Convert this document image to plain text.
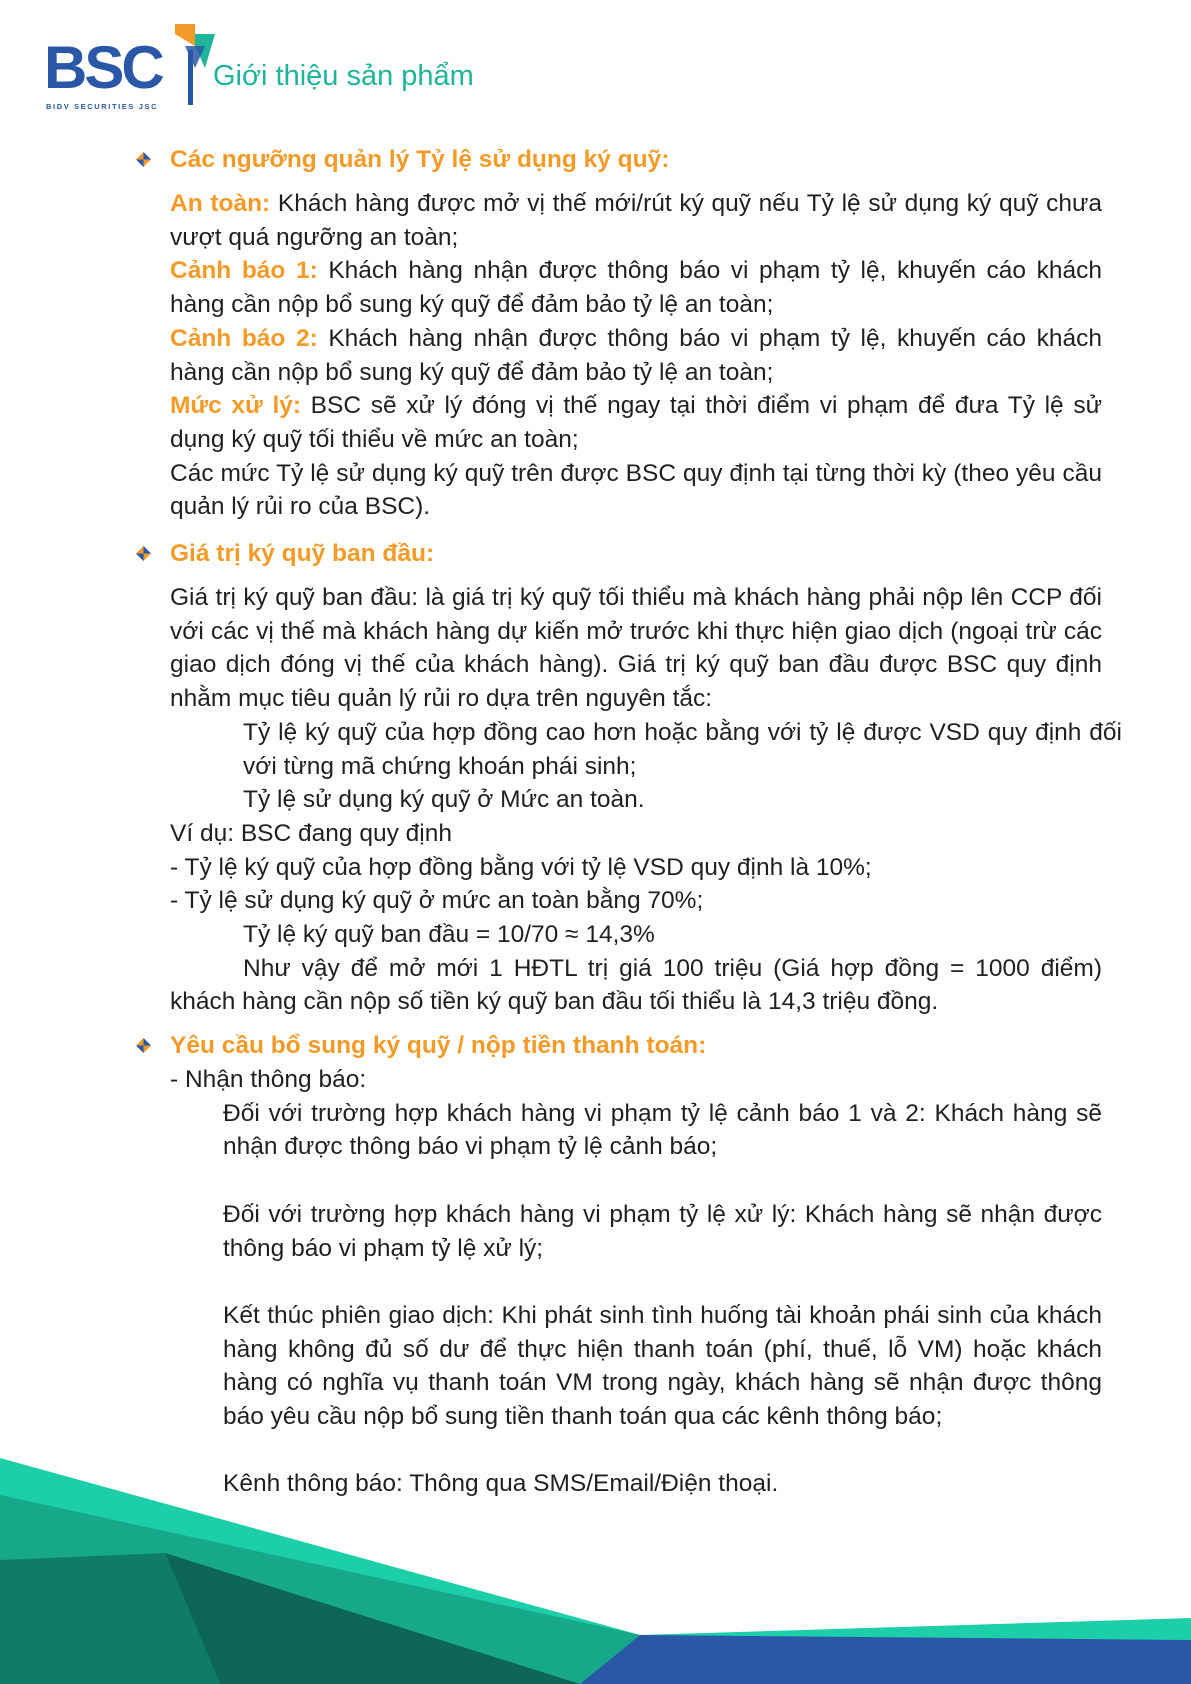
BSC
BIDV SECURITIES JSC
Giới thiệu sản phẩm
Các ngưỡng quản lý Tỷ lệ sử dụng ký quỹ:

An toàn: Khách hàng được mở vị thế mới/rút ký quỹ nếu Tỷ lệ sử dụng ký quỹ chưa vượt quá ngưỡng an toàn;

Cảnh báo 1: Khách hàng nhận được thông báo vi phạm tỷ lệ, khuyến cáo khách hàng cần nộp bổ sung ký quỹ để đảm bảo tỷ lệ an toàn;

Cảnh báo 2: Khách hàng nhận được thông báo vi phạm tỷ lệ, khuyến cáo khách hàng cần nộp bổ sung ký quỹ để đảm bảo tỷ lệ an toàn;

Mức xử lý: BSC sẽ xử lý đóng vị thế ngay tại thời điểm vi phạm để đưa Tỷ lệ sử dụng ký quỹ tối thiểu về mức an toàn;

Các mức Tỷ lệ sử dụng ký quỹ trên được BSC quy định tại từng thời kỳ (theo yêu cầu quản lý rủi ro của BSC).

Giá trị ký quỹ ban đầu:

Giá trị ký quỹ ban đầu: là giá trị ký quỹ tối thiểu mà khách hàng phải nộp lên CCP đối với các vị thế mà khách hàng dự kiến mở trước khi thực hiện giao dịch (ngoại trừ các giao dịch đóng vị thế của khách hàng). Giá trị ký quỹ ban đầu được BSC quy định nhằm mục tiêu quản lý rủi ro dựa trên nguyên tắc:

Tỷ lệ ký quỹ của hợp đồng cao hơn hoặc bằng với tỷ lệ được VSD quy định đối với từng mã chứng khoán phái sinh;

Tỷ lệ sử dụng ký quỹ ở Mức an toàn.

Ví dụ: BSC đang quy định

- Tỷ lệ ký quỹ của hợp đồng bằng với tỷ lệ VSD quy định là 10%;

- Tỷ lệ sử dụng ký quỹ ở mức an toàn bằng 70%;

Tỷ lệ ký quỹ ban đầu = 10/70 ≈ 14,3%

Như vậy để mở mới 1 HĐTL trị giá 100 triệu (Giá hợp đồng = 1000 điểm)

khách hàng cần nộp số tiền ký quỹ ban đầu tối thiểu là 14,3 triệu đồng.

Yêu cầu bổ sung ký quỹ / nộp tiền thanh toán:

- Nhận thông báo:

Đối với trường hợp khách hàng vi phạm tỷ lệ cảnh báo 1 và 2: Khách hàng sẽ nhận được thông báo vi phạm tỷ lệ cảnh báo;

Đối với trường hợp khách hàng vi phạm tỷ lệ xử lý: Khách hàng sẽ nhận được thông báo vi phạm tỷ lệ xử lý;

Kết thúc phiên giao dịch: Khi phát sinh tình huống tài khoản phái sinh của khách hàng không đủ số dư để thực hiện thanh toán (phí, thuế, lỗ VM) hoặc khách hàng có nghĩa vụ thanh toán VM trong ngày, khách hàng sẽ nhận được thông báo yêu cầu nộp bổ sung tiền thanh toán qua các kênh thông báo;

Kênh thông báo: Thông qua SMS/Email/Điện thoại.
